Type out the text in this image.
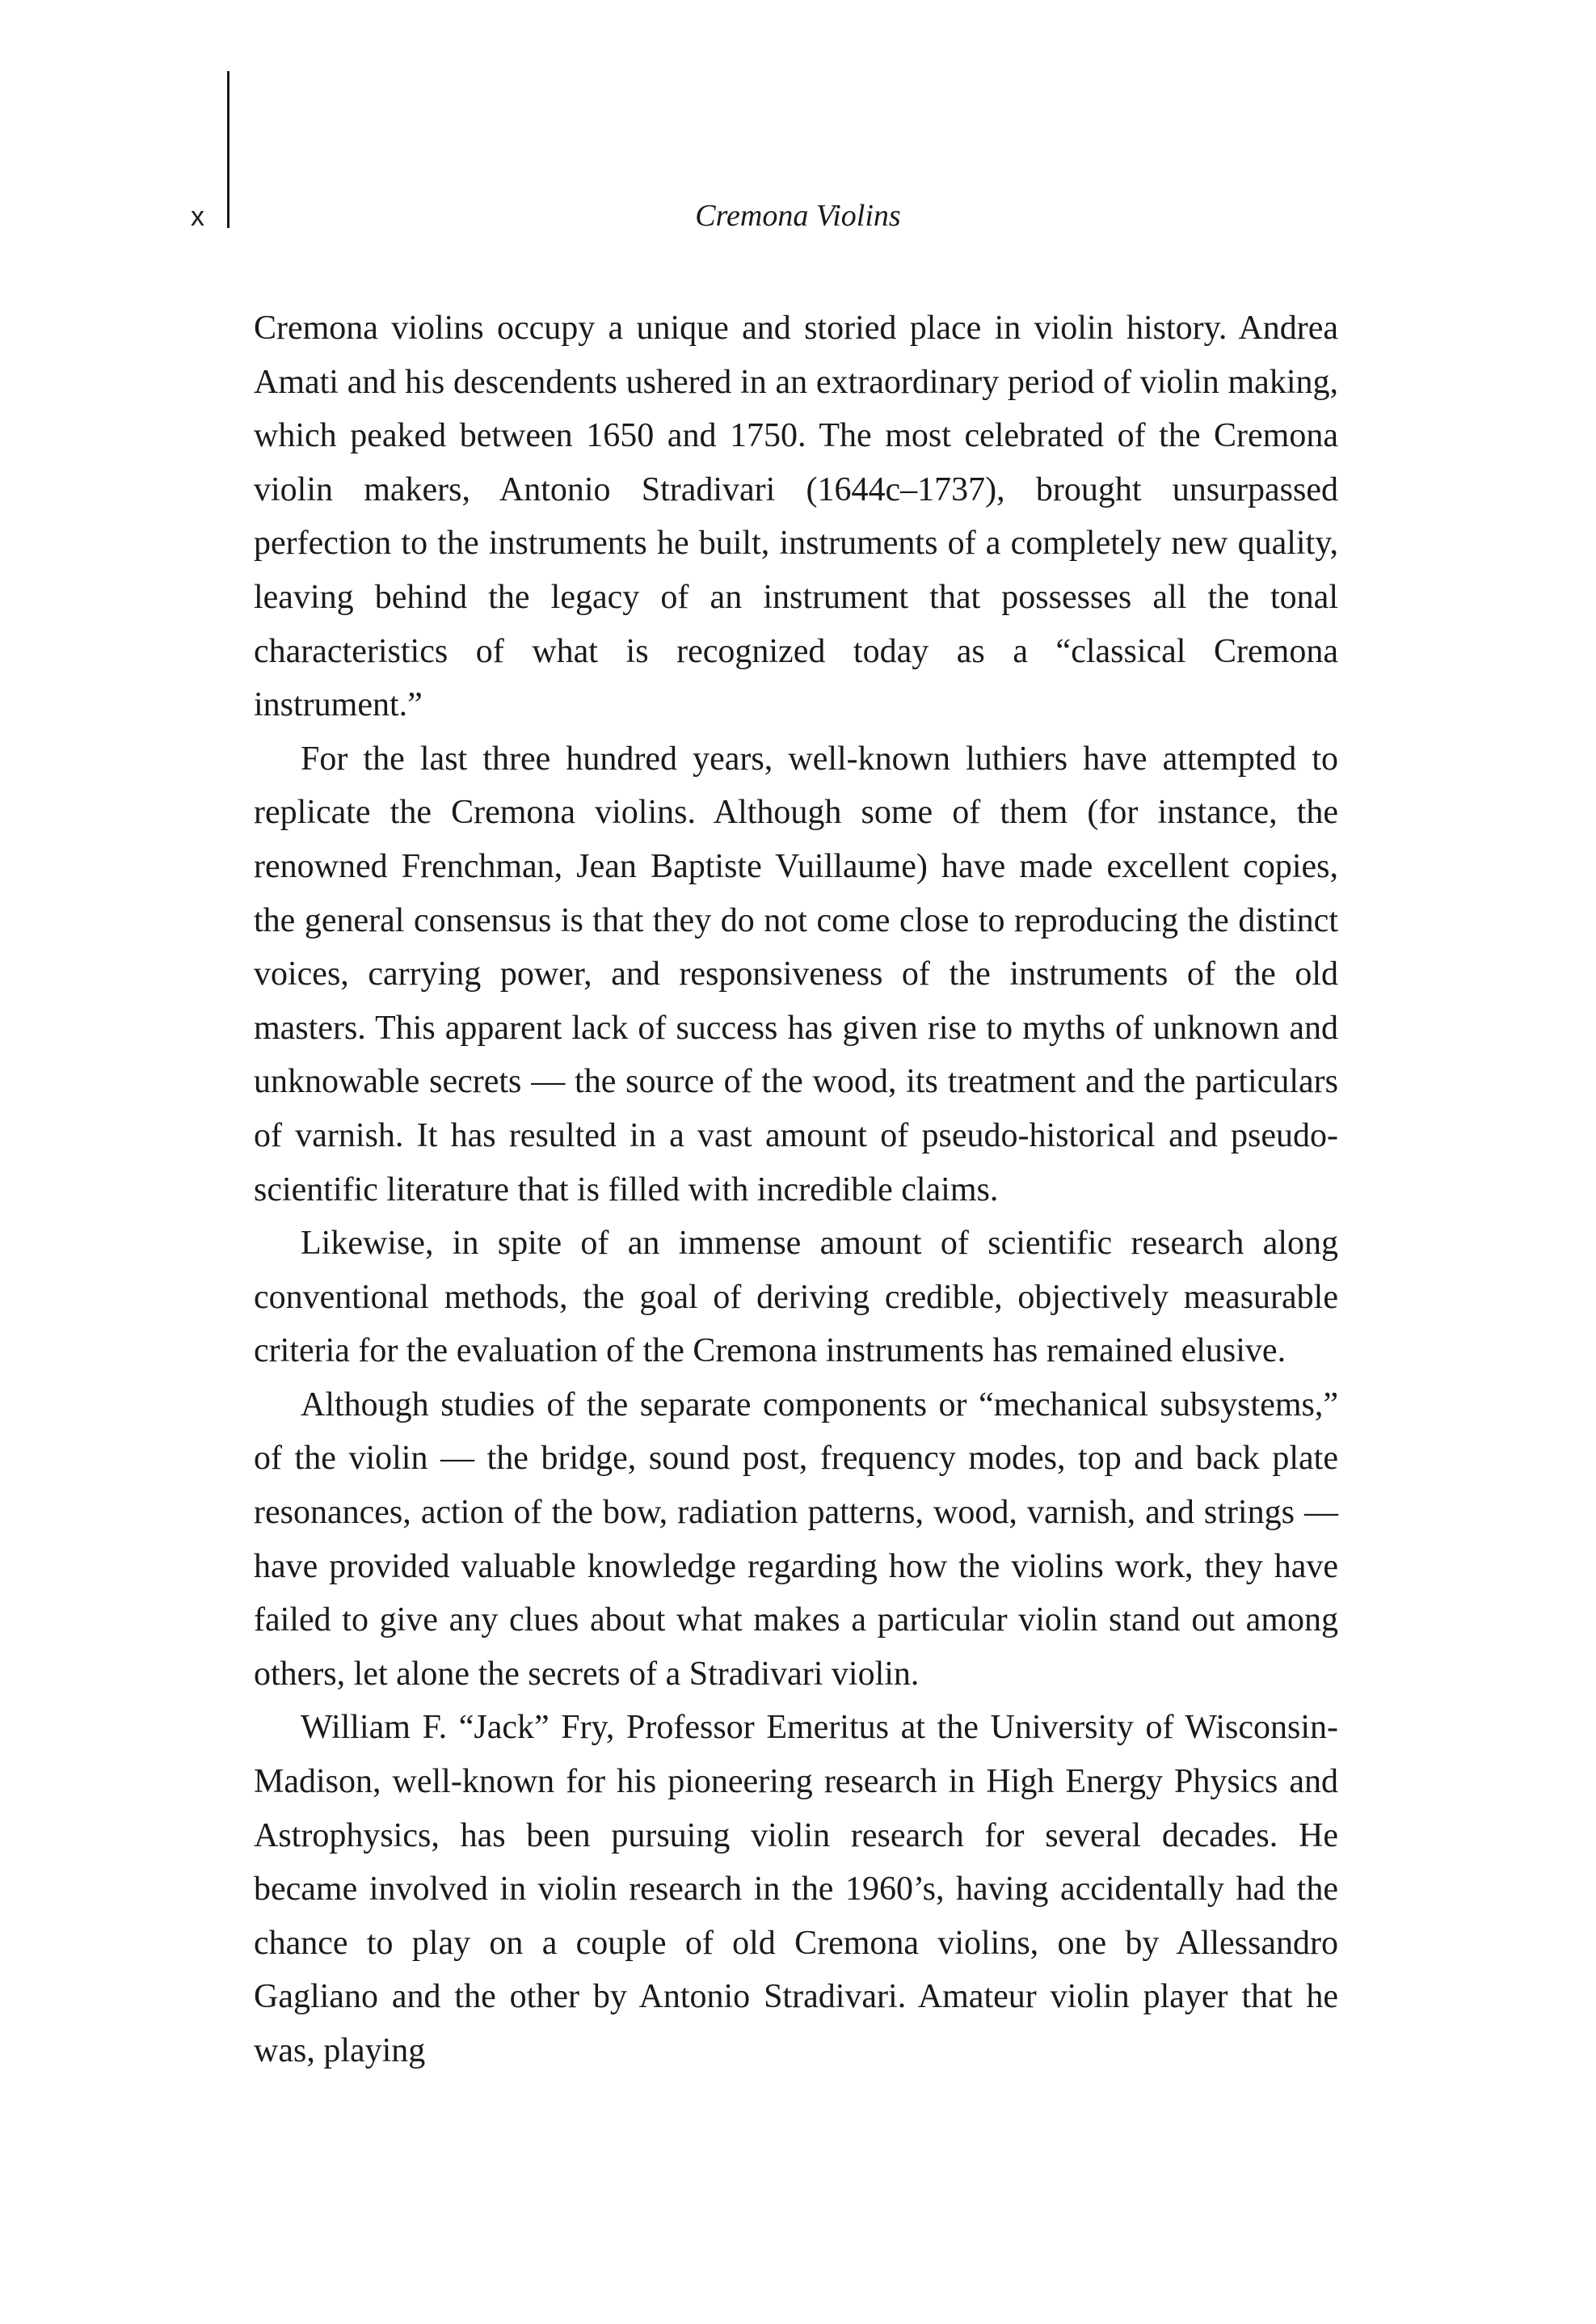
x	Cremona Violins

Cremona violins occupy a unique and storied place in violin history. Andrea Amati and his descendents ushered in an extraordinary period of violin making, which peaked between 1650 and 1750. The most celebrated of the Cremona violin makers, Antonio Stradivari (1644c–1737), brought unsurpassed perfection to the instruments he built, instruments of a completely new quality, leaving behind the legacy of an instrument that possesses all the tonal characteristics of what is recognized today as a “classical Cremona instrument.”

For the last three hundred years, well-known luthiers have attempted to replicate the Cremona violins. Although some of them (for instance, the renowned Frenchman, Jean Baptiste Vuillaume) have made excellent copies, the general consensus is that they do not come close to reproducing the distinct voices, carrying power, and responsiveness of the instruments of the old masters. This apparent lack of success has given rise to myths of unknown and unknowable secrets — the source of the wood, its treatment and the particulars of varnish. It has resulted in a vast amount of pseudo-historical and pseudo-scientific literature that is filled with incredible claims.

Likewise, in spite of an immense amount of scientific research along conventional methods, the goal of deriving credible, objectively measurable criteria for the evaluation of the Cremona instruments has remained elusive.

Although studies of the separate components or “mechanical subsystems,” of the violin — the bridge, sound post, frequency modes, top and back plate resonances, action of the bow, radiation patterns, wood, varnish, and strings — have provided valuable knowledge regarding how the violins work, they have failed to give any clues about what makes a particular violin stand out among others, let alone the secrets of a Stradivari violin.

William F. “Jack” Fry, Professor Emeritus at the University of Wisconsin-Madison, well-known for his pioneering research in High Energy Physics and Astrophysics, has been pursuing violin research for several decades. He became involved in violin research in the 1960’s, having accidentally had the chance to play on a couple of old Cremona violins, one by Allessandro Gagliano and the other by Antonio Stradivari. Amateur violin player that he was, playing
